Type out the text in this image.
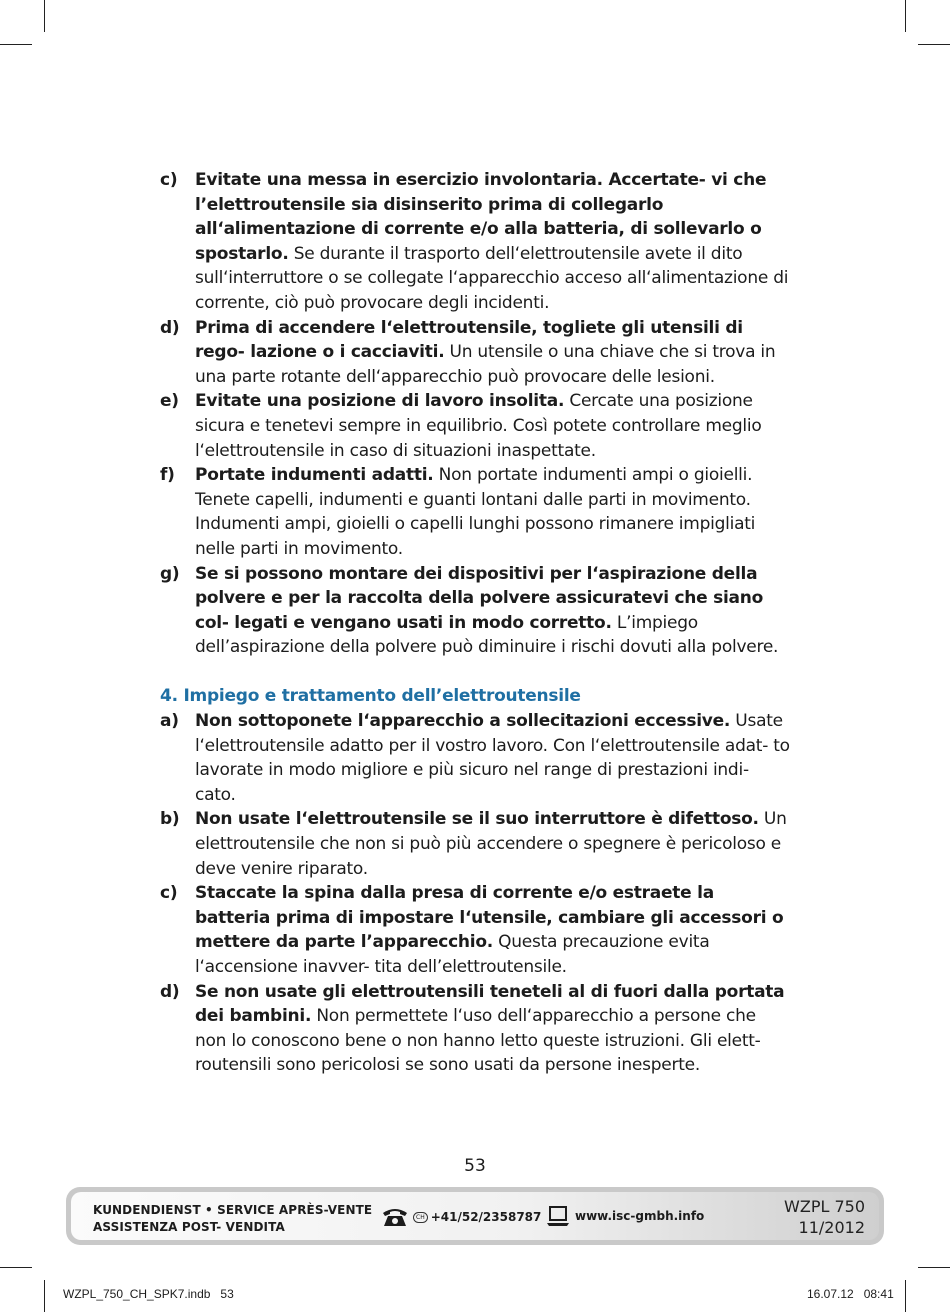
c)	Evitate una messa in esercizio involontaria. Accertate- vi che l’elettroutensile sia disinserito prima di collegarlo all‘alimentazione di corrente e/o alla batteria, di sollevarlo o spostarlo. Se durante il trasporto dell‘elettroutensile avete il dito sull‘interruttore o se collegate l‘apparecchio acceso all‘alimentazione di corrente, ciò può provocare degli incidenti.
d) Prima di accendere l‘elettroutensile, togliete gli utensili di rego- lazione o i cacciaviti. Un utensile o una chiave che si trova in una parte rotante dell‘apparecchio può provocare delle lesioni.
e) Evitate una posizione di lavoro insolita. Cercate una posizione sicura e tenetevi sempre in equilibrio. Così potete controllare meglio l‘elettroutensile in caso di situazioni inaspettate.
f)	Portate indumenti adatti. Non portate indumenti ampi o gioielli. Tenete capelli, indumenti e guanti lontani dalle parti in movimento. Indumenti ampi, gioielli o capelli lunghi possono rimanere impigliati nelle parti in movimento.
g) Se si possono montare dei dispositivi per l‘aspirazione della polvere e per la raccolta della polvere assicuratevi che siano col- legati e vengano usati in modo corretto. L’impiego dell’aspirazione della polvere può diminuire i rischi dovuti alla polvere.
4. Impiego e trattamento dell’elettroutensile
a) Non sottoponete l‘apparecchio a sollecitazioni eccessive. Usate l‘elettroutensile adatto per il vostro lavoro. Con l‘elettroutensile adat- to lavorate in modo migliore e più sicuro nel range di prestazioni indi- cato.
b) Non usate l‘elettroutensile se il suo interruttore è difettoso. Un elettroutensile che non si può più accendere o spegnere è pericoloso e deve venire riparato.
c)	Staccate la spina dalla presa di corrente e/o estraete la batteria prima di impostare l‘utensile, cambiare gli accessori o mettere da parte l’apparecchio. Questa precauzione evita l‘accensione inavver- tita dell’elettroutensile.
d) Se non usate gli elettroutensili teneteli al di fuori dalla portata dei bambini. Non permettete l‘uso dell‘apparecchio a persone che non lo conoscono bene o non hanno letto queste istruzioni. Gli elett- routensili sono pericolosi se sono usati da persone inesperte.
53
KUNDENDIENST • SERVICE APRÈS-VENTE
ASSISTENZA POST- VENDITA
CH +41/52/2358787	www.isc-gmbh.info	WZPL 750
11/2012
WZPL_750_CH_SPK7.indb   53	16.07.12   08:41
